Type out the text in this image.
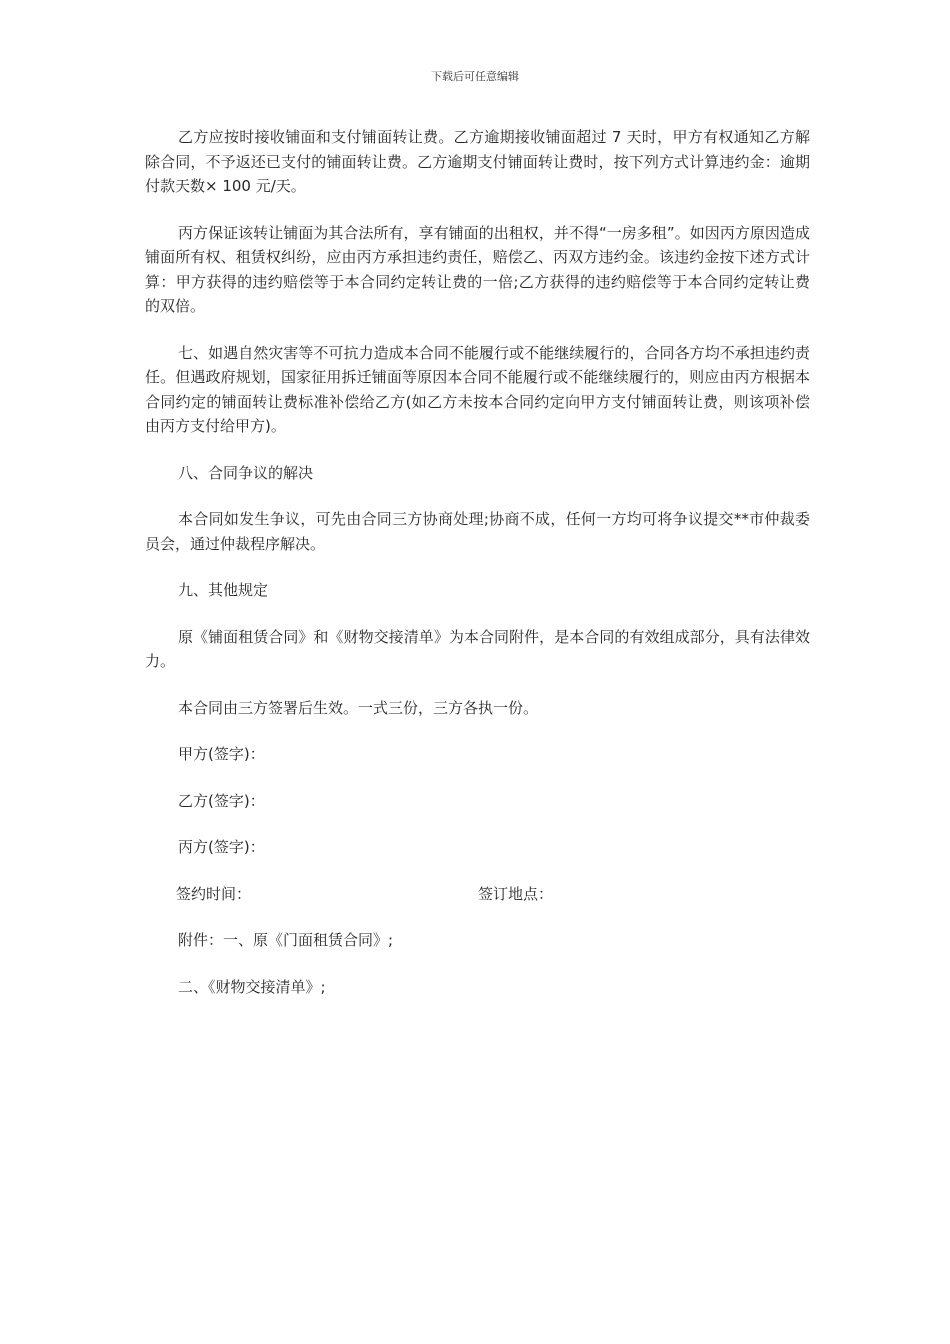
下载后可任意编辑

乙方应按时接收铺面和支付铺面转让费。乙方逾期接收铺面超过 7 天时，甲方有权通知乙方解除合同，不予返还已支付的铺面转让费。乙方逾期支付铺面转让费时，按下列方式计算违约金：逾期付款天数× 100 元/天。

丙方保证该转让铺面为其合法所有，享有铺面的出租权，并不得“一房多租”。如因丙方原因造成铺面所有权、租赁权纠纷，应由丙方承担违约责任，赔偿乙、丙双方违约金。该违约金按下述方式计算：甲方获得的违约赔偿等于本合同约定转让费的一倍;乙方获得的违约赔偿等于本合同约定转让费的双倍。

七、如遇自然灾害等不可抗力造成本合同不能履行或不能继续履行的，合同各方均不承担违约责任。但遇政府规划，国家征用拆迁铺面等原因本合同不能履行或不能继续履行的，则应由丙方根据本合同约定的铺面转让费标准补偿给乙方(如乙方未按本合同约定向甲方支付铺面转让费，则该项补偿由丙方支付给甲方)。

八、合同争议的解决

本合同如发生争议，可先由合同三方协商处理;协商不成，任何一方均可将争议提交**市仲裁委员会，通过仲裁程序解决。

九、其他规定

原《铺面租赁合同》和《财物交接清单》为本合同附件，是本合同的有效组成部分，具有法律效力。

本合同由三方签署后生效。一式三份，三方各执一份。

甲方(签字)：

乙方(签字)：

丙方(签字)：

签约时间：	签订地点：

附件：一、原《门面租赁合同》;

二、《财物交接清单》;
